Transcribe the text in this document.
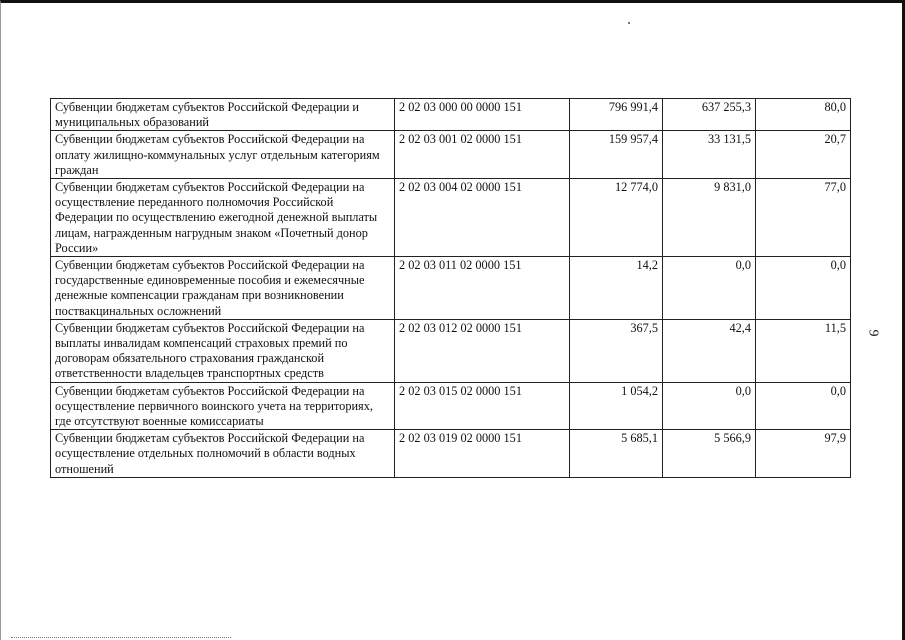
Субвенции бюджетам субъектов Российской Федерации и муниципальных образований	2 02 03 000 00 0000 151	796 991,4	637 255,3	80,0
Субвенции бюджетам субъектов Российской Федерации на оплату жилищно-коммунальных услуг отдельным категориям граждан	2 02 03 001 02 0000 151	159 957,4	33 131,5	20,7
Субвенции бюджетам субъектов Российской Федерации на осуществление переданного полномочия Российской Федерации по осуществлению ежегодной денежной выплаты лицам, награжденным нагрудным знаком «Почетный донор России»	2 02 03 004 02 0000 151	12 774,0	9 831,0	77,0
Субвенции бюджетам субъектов Российской Федерации на государственные единовременные пособия и ежемесячные денежные компенсации гражданам при возникновении поствакцинальных осложнений	2 02 03 011 02 0000 151	14,2	0,0	0,0
Субвенции бюджетам субъектов Российской Федерации на выплаты инвалидам компенсаций страховых премий по договорам обязательного страхования гражданской ответственности владельцев транспортных средств	2 02 03 012 02 0000 151	367,5	42,4	11,5
Субвенции бюджетам субъектов Российской Федерации на осуществление первичного воинского учета на территориях, где отсутствуют военные комиссариаты	2 02 03 015 02 0000 151	1 054,2	0,0	0,0
Субвенции бюджетам субъектов Российской Федерации на осуществление отдельных полномочий в области водных отношений	2 02 03 019 02 0000 151	5 685,1	5 566,9	97,9
9
